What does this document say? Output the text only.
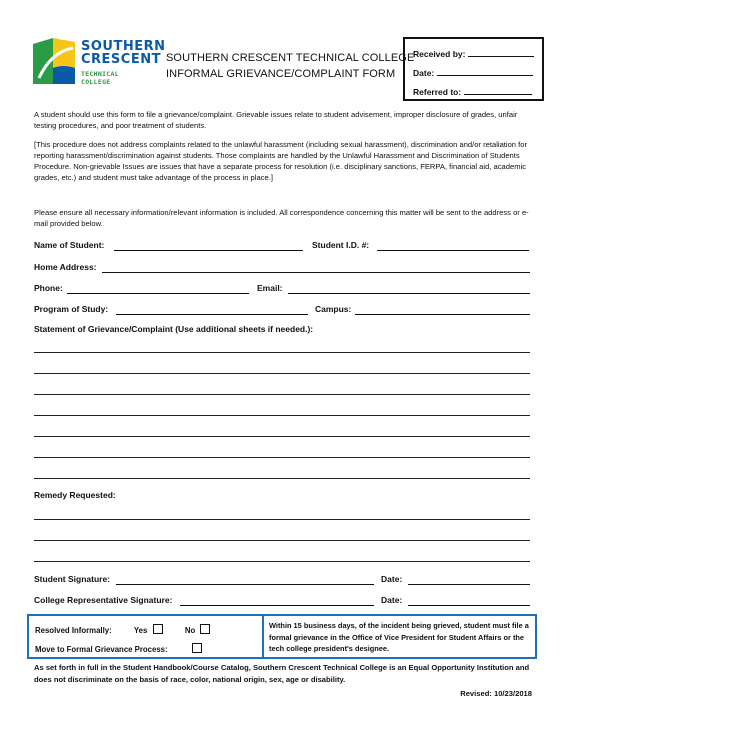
SOUTHERN
CRESCENT
TECHNICAL COLLEGE
SOUTHERN CRESCENT TECHNICAL COLLEGE
INFORMAL GRIEVANCE/COMPLAINT FORM
Received by:
Date:
Referred to:
A student should use this form to file a grievance/complaint. Grievable issues relate to student advisement, improper disclosure of grades, unfair testing procedures, and poor treatment of students.
[This procedure does not address complaints related to the unlawful harassment (including sexual harassment), discrimination and/or retaliation for reporting harassment/discrimination against students. Those complaints are handled by the Unlawful Harassment and Discrimination of Students Procedure. Non-grievable Issues are issues that have a separate process for resolution (i.e. disciplinary sanctions, FERPA, financial aid, academic grades, etc.) and student must take advantage of the process in place.]
Please ensure all necessary information/relevant information is included. All correspondence concerning this matter will be sent to the address or e-mail provided below.
Name of Student:	Student I.D. #:
Home Address:
Phone:	Email:
Program of Study:	Campus:
Statement of Grievance/Complaint (Use additional sheets if needed.):
Remedy Requested:
Student Signature:	Date:
College Representative Signature:	Date:
Resolved Informally:	Yes	No
Move to Formal Grievance Process:
Within 15 business days, of the incident being grieved, student must file a formal grievance in the Office of Vice President for Student Affairs or the tech college president's designee.
As set forth in full in the Student Handbook/Course Catalog, Southern Crescent Technical College is an Equal Opportunity Institution and does not discriminate on the basis of race, color, national origin, sex, age or disability.
Revised: 10/23/2018
